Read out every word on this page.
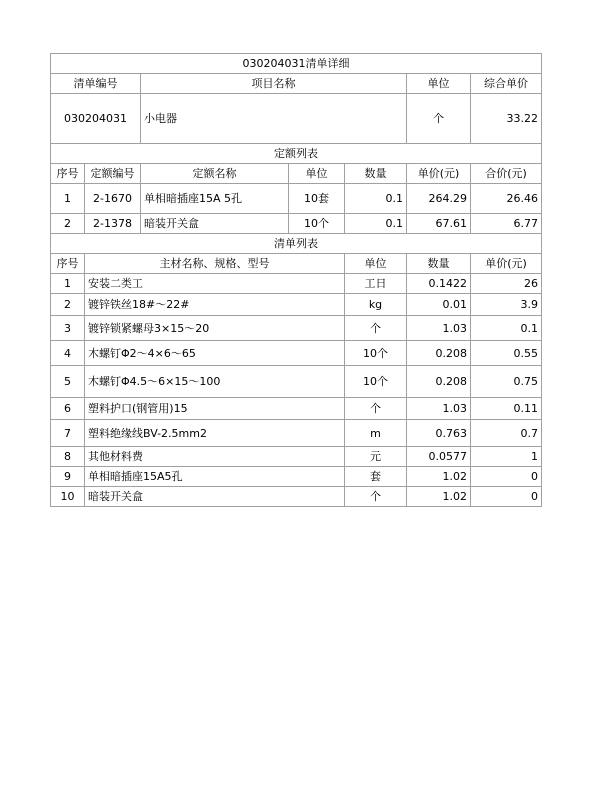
030204031清单详细							
清单编号		项目名称			单位	综合单价	
030204031		小电器			个	33.22	
定额列表							
序号	定额编号	定额名称	单位	数量	单价(元)	合价(元)	
1	2-1670	单相暗插座15A 5孔	10套	0.1	264.29	26.46	
2	2-1378	暗装开关盒	10个	0.1	67.61	6.77	
清单列表							
序号	主材名称、规格、型号			单位	数量	单价(元)	
1	安装二类工			工日	0.1422	26	
2	镀锌铁丝18#～22#			kg	0.01	3.9	
3	镀锌锁紧螺母3×15～20			个	1.03	0.1	
4	木螺钉Φ2～4×6～65			10个	0.208	0.55	
5	木螺钉Φ4.5～6×15～100			10个	0.208	0.75	
6	塑料护口(钢管用)15			个	1.03	0.11	
7	塑料绝缘线BV-2.5mm2			m	0.763	0.7	
8	其他材料费			元	0.0577	1	
9	单相暗插座15A5孔			套	1.02	0	
10	暗装开关盒			个	1.02	0	
